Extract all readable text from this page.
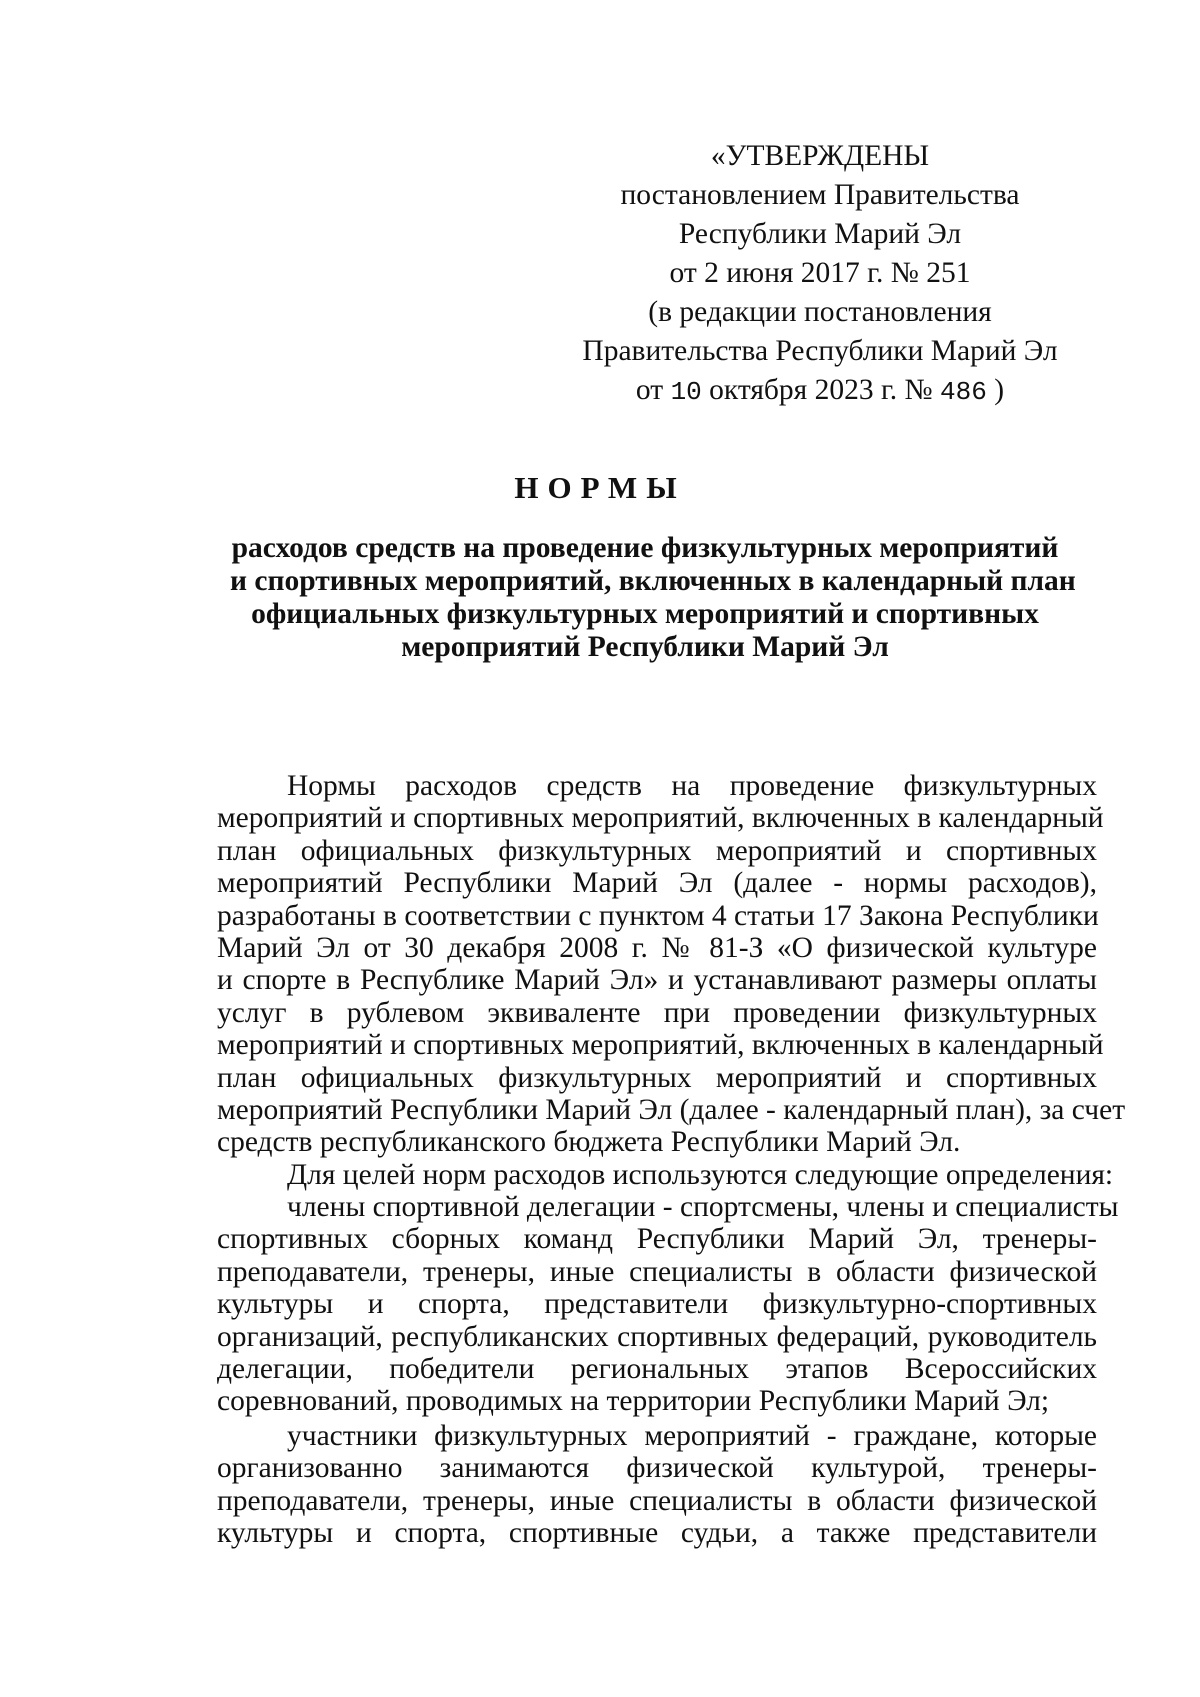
«УТВЕРЖДЕНЫ
постановлением Правительства
Республики Марий Эл
от 2 июня 2017 г. № 251
(в редакции постановления
Правительства Республики Марий Эл
от 10 октября 2023 г. № 486 )
НОРМЫ
расходов средств на проведение физкультурных мероприятий
и спортивных мероприятий, включенных в календарный план
официальных физкультурных мероприятий и спортивных
мероприятий Республики Марий Эл
Нормы расходов средств на проведение физкультурных
мероприятий и спортивных мероприятий, включенных в календарный
план официальных физкультурных мероприятий и спортивных
мероприятий Республики Марий Эл (далее - нормы расходов),
разработаны в соответствии с пунктом 4 статьи 17 Закона Республики
Марий Эл от 30 декабря 2008 г. № 81-З «О физической культуре
и спорте в Республике Марий Эл» и устанавливают размеры оплаты
услуг в рублевом эквиваленте при проведении физкультурных
мероприятий и спортивных мероприятий, включенных в календарный
план официальных физкультурных мероприятий и спортивных
мероприятий Республики Марий Эл (далее - календарный план), за счет
средств республиканского бюджета Республики Марий Эл.
Для целей норм расходов используются следующие определения:
члены спортивной делегации - спортсмены, члены и специалисты
спортивных сборных команд Республики Марий Эл, тренеры-
преподаватели, тренеры, иные специалисты в области физической
культуры и спорта, представители физкультурно-спортивных
организаций, республиканских спортивных федераций, руководитель
делегации, победители региональных этапов Всероссийских
соревнований, проводимых на территории Республики Марий Эл;
участники физкультурных мероприятий - граждане, которые
организованно занимаются физической культурой, тренеры-
преподаватели, тренеры, иные специалисты в области физической
культуры и спорта, спортивные судьи, а также представители
